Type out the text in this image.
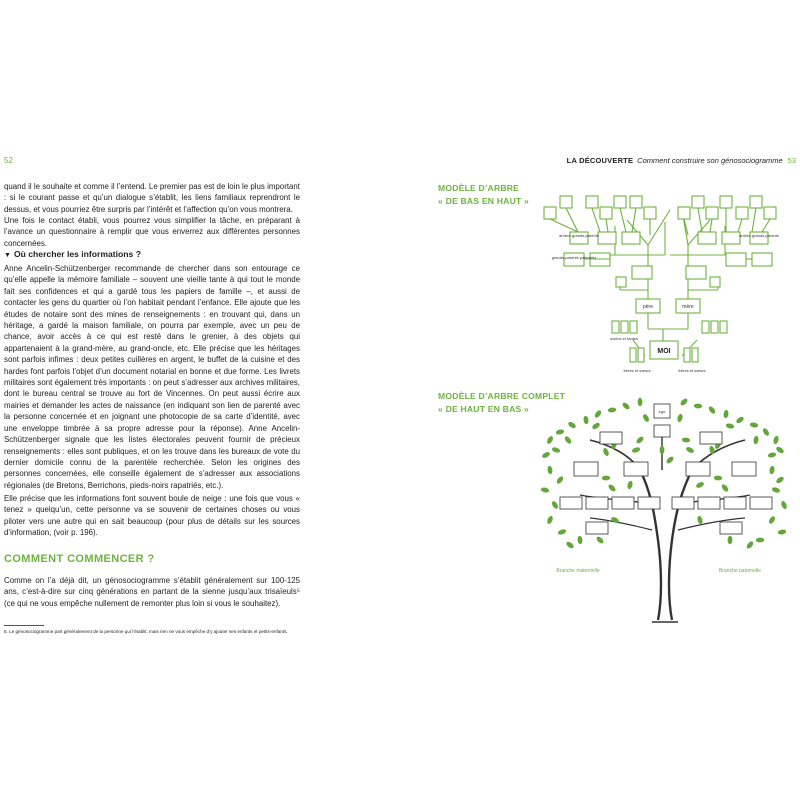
52

quand il le souhaite et comme il l’entend. Le premier pas est de loin le plus important : si le courant passe et qu’un dialogue s’établit, les liens familiaux reprendront le dessus, et vous pourriez être surpris par l’intérêt et l’affection qu’on vous montrera.

Une fois le contact établi, vous pourrez vous simplifier la tâche, en préparant à l’avance un questionnaire à remplir que vous enverrez aux différentes personnes concernées.

▼ Où chercher les informations ?

Anne Ancelin-Schützenberger recommande de chercher dans son entourage ce qu’elle appelle la mémoire familiale – souvent une vieille tante à qui tout le monde fait ses confidences et qui a gardé tous les papiers de famille –, et aussi de contacter les gens du quartier où l’on habitait pendant l’enfance. Elle ajoute que les études de notaire sont des mines de renseignements : en trouvant qui, dans un héritage, a gardé la maison familiale, on pourra par exemple, avec un peu de chance, avoir accès à ce qui est resté dans le grenier, à des objets qui appartenaient à la grand-mère, au grand-oncle, etc. Elle précise que les héritages sont parfois infimes : deux petites cuillères en argent, le buffet de la cuisine et des hardes font parfois l’objet d’un document notarial en bonne et due forme. Les livrets militaires sont également très importants : on peut s’adresser aux archives militaires, dont le bureau central se trouve au fort de Vincennes. On peut aussi écrire aux mairies et demander les actes de naissance (en indiquant son lien de parenté avec la personne concernée et en joignant une photocopie de sa carte d’identité, avec une enveloppe timbrée à sa propre adresse pour la réponse). Anne Ancelin-Schützenberger signale que les listes électorales peuvent fournir de précieux renseignements : elles sont publiques, et on les trouve dans les bureaux de vote du dernier domicile connu de la parentèle recherchée. Selon les origines des personnes concernées, elle conseille également de s’adresser aux associations régionales (de Bretons, Berrichons, pieds-noirs rapatriés, etc.).

Elle précise que les informations font souvent boule de neige : une fois que vous « tenez » quelqu’un, cette personne va se souvenir de certaines choses ou vous piloter vers une autre qui en sait beaucoup (pour plus de détails sur les sources d’information, (voir p. 196).

COMMENT COMMENCER ?

Comme on l’a déjà dit, un génosociogramme s’établit généralement sur 100-125 ans, c’est-à-dire sur cinq générations en partant de la sienne jusqu’aux trisaïeuls⁵ (ce qui ne vous empêche nullement de remonter plus loin si vous le souhaitez).

5. Le génosociogramme part généralement de la personne qui l’établit, mais rien ne vous empêche d’y ajouter ses enfants et petits-enfants.

LA DÉCOUVERTE Comment construire son génosociogramme 53
MODÈLE D’ARBRE
« DE BAS EN HAUT »
arrière-grands-parents	arrière-grands-parents
grands-parents paternels
père	mère
oncles et tantes
MOI
frères et sœurs	frères et sœurs
MODÈLE D’ARBRE COMPLET
« DE HAUT EN BAS »	ego
Branche maternelle	Branche paternelle
